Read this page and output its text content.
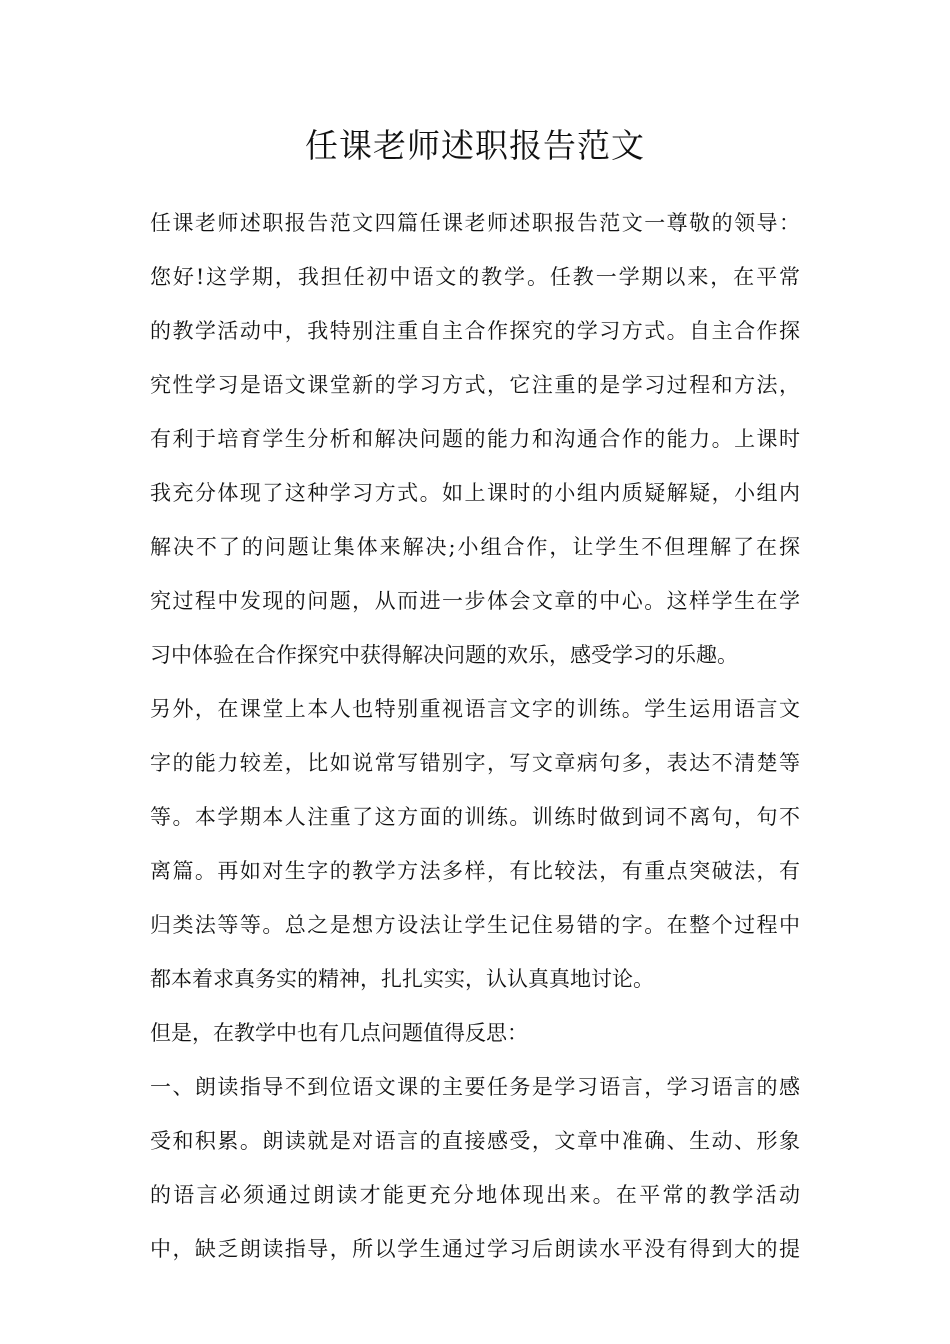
任课老师述职报告范文
任课老师述职报告范文四篇任课老师述职报告范文一尊敬的领导：
您好!这学期，我担任初中语文的教学。任教一学期以来，在平常
的教学活动中，我特别注重自主合作探究的学习方式。自主合作探
究性学习是语文课堂新的学习方式，它注重的是学习过程和方法，
有利于培育学生分析和解决问题的能力和沟通合作的能力。上课时
我充分体现了这种学习方式。如上课时的小组内质疑解疑，小组内
解决不了的问题让集体来解决;小组合作，让学生不但理解了在探
究过程中发现的问题，从而进一步体会文章的中心。这样学生在学
习中体验在合作探究中获得解决问题的欢乐，感受学习的乐趣。
另外，在课堂上本人也特别重视语言文字的训练。学生运用语言文
字的能力较差，比如说常写错别字，写文章病句多，表达不清楚等
等。本学期本人注重了这方面的训练。训练时做到词不离句，句不
离篇。再如对生字的教学方法多样，有比较法，有重点突破法，有
归类法等等。总之是想方设法让学生记住易错的字。在整个过程中
都本着求真务实的精神，扎扎实实，认认真真地讨论。
但是，在教学中也有几点问题值得反思：
一、朗读指导不到位语文课的主要任务是学习语言，学习语言的感
受和积累。朗读就是对语言的直接感受，文章中准确、生动、形象
的语言必须通过朗读才能更充分地体现出来。在平常的教学活动
中，缺乏朗读指导，所以学生通过学习后朗读水平没有得到大的提
